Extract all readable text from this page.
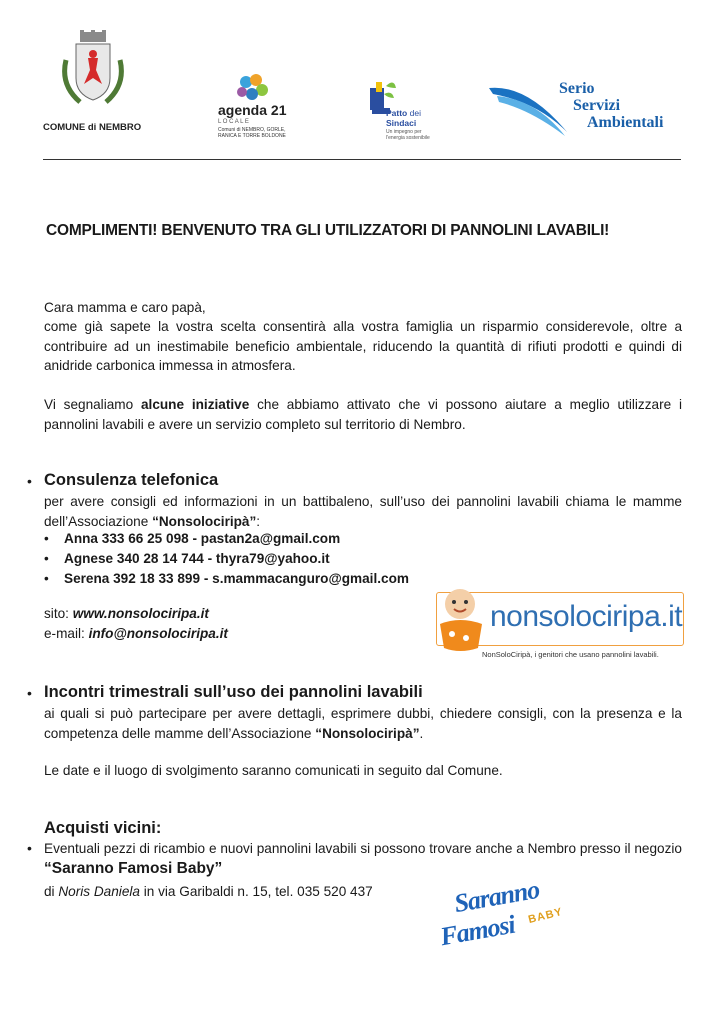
COMUNE di NEMBRO
agenda 21
L O C A L E
Comuni di NEMBRO, GORLE,
RANICA E TORRE BOLDONE
Patto dei
Sindaci
Un impegno per
l'energia sostenibile
Serio
Servizi
Ambientali
COMPLIMENTI! BENVENUTO TRA GLI UTILIZZATORI DI PANNOLINI LAVABILI!
Cara mamma e caro papà,
come già sapete la vostra scelta consentirà alla vostra famiglia un risparmio considerevole, oltre a contribuire ad un inestimabile beneficio ambientale, riducendo la quantità di rifiuti prodotti e quindi di anidride carbonica immessa in atmosfera.
Vi segnaliamo alcune iniziative che abbiamo attivato che vi possono aiutare a meglio utilizzare i pannolini lavabili e avere un servizio completo sul territorio di Nembro.
• Consulenza telefonica
per avere consigli ed informazioni in un battibaleno, sull’uso dei pannolini lavabili chiama le mamme dell’Associazione “Nonsolociripà”:
• Anna 333 66 25 098 - pastan2a@gmail.com
• Agnese 340 28 14 744 - thyra79@yahoo.it
• Serena 392 18 33 899 - s.mammacanguro@gmail.com
sito: www.nonsolociripa.it
e-mail: info@nonsolociripa.it
nonsolociripa.it
NonSoloCiripà, i genitori che usano pannolini lavabili.
• Incontri trimestrali sull’uso dei pannolini lavabili
ai quali si può partecipare per avere dettagli, esprimere dubbi, chiedere consigli, con la presenza e la competenza delle mamme dell’Associazione “Nonsolociripà”.
Le date e il luogo di svolgimento saranno comunicati in seguito dal Comune.
Acquisti vicini:
• Eventuali pezzi di ricambio e nuovi pannolini lavabili si possono trovare anche a Nembro presso il negozio “Saranno Famosi Baby”
di Noris Daniela in via Garibaldi n. 15, tel. 035 520 437	Saranno
Famosi BABY
